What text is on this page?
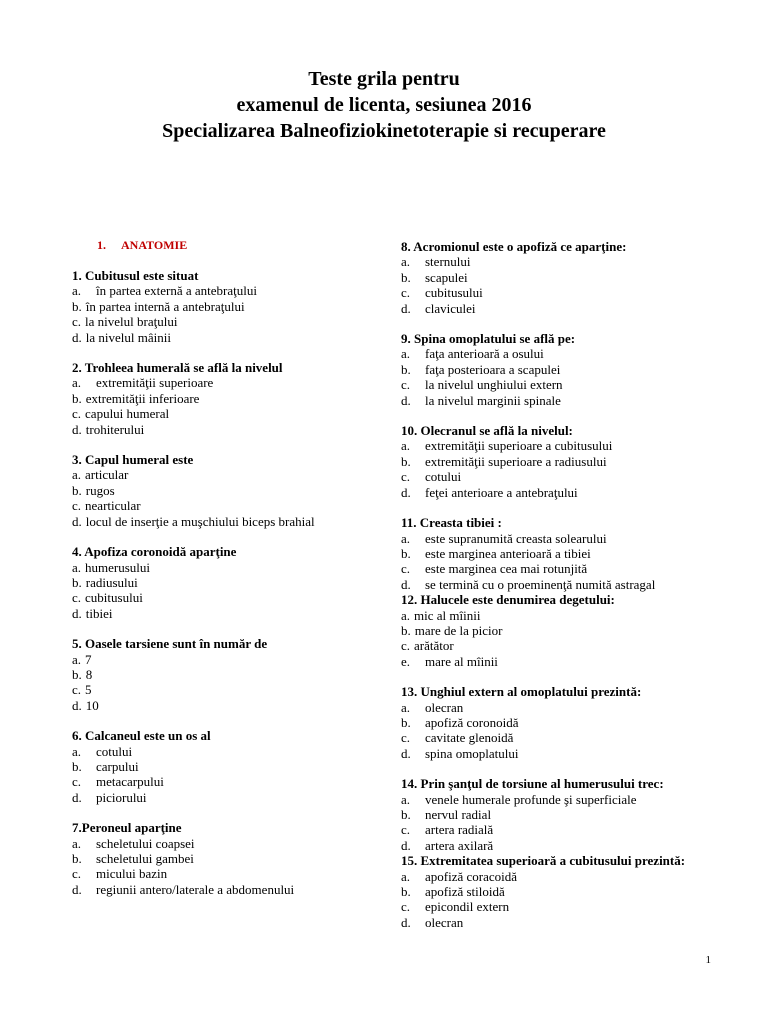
Teste grila pentru
examenul de licenta, sesiunea 2016
Specializarea Balneofiziokinetoterapie si recuperare
1. ANATOMIE
1. Cubitusul este situat
a. în partea externă a antebraţului
b. în partea internă a antebraţului
c. la nivelul braţului
d. la nivelul mâinii
2. Trohleea humerală se află la nivelul
a. extremităţii superioare
b. extremităţii inferioare
c. capului humeral
d. trohiterului
3. Capul humeral este
a. articular
b. rugos
c. nearticular
d. locul de inserţie a muşchiului biceps brahial
4. Apofiza coronoidă aparţine
a. humerusului
b. radiusului
c. cubitusului
d. tibiei
5. Oasele tarsiene sunt în număr de
a. 7
b. 8
c. 5
d. 10
6. Calcaneul este un os al
a. cotului
b. carpului
c. metacarpului
d. piciorului
7.Peroneul aparţine
a. scheletului coapsei
b. scheletului gambei
c. micului bazin
d. regiunii antero/laterale a abdomenului
8. Acromionul este o apofiză ce aparţine:
a. sternului
b. scapulei
c. cubitusului
d. claviculei
9. Spina omoplatului se află pe:
a. faţa anterioară a osului
b. faţa posterioara a scapulei
c. la nivelul unghiului extern
d. la nivelul marginii spinale
10. Olecranul se află la nivelul:
a. extremităţii superioare a cubitusului
b. extremităţii superioare a radiusului
c. cotului
d. feţei anterioare a antebraţului
11. Creasta tibiei :
a. este supranumită creasta solearului
b. este marginea anterioară a tibiei
c. este marginea cea mai rotunjită
d. se termină cu o proeminenţă numită astragal
12. Halucele este denumirea degetului:
a. mic al mîinii
b. mare de la picior
c. arătător
e. mare al mîinii
13. Unghiul extern al omoplatului prezintă:
a. olecran
b. apofiză coronoidă
c. cavitate glenoidă
d. spina omoplatului
14. Prin şanţul de torsiune al humerusului trec:
a. venele humerale profunde şi superficiale
b. nervul radial
c. artera radială
d. artera axilară
15. Extremitatea superioară a cubitusului prezintă:
a. apofiză coracoidă
b. apofiză stiloidă
c. epicondil extern
d. olecran
1
